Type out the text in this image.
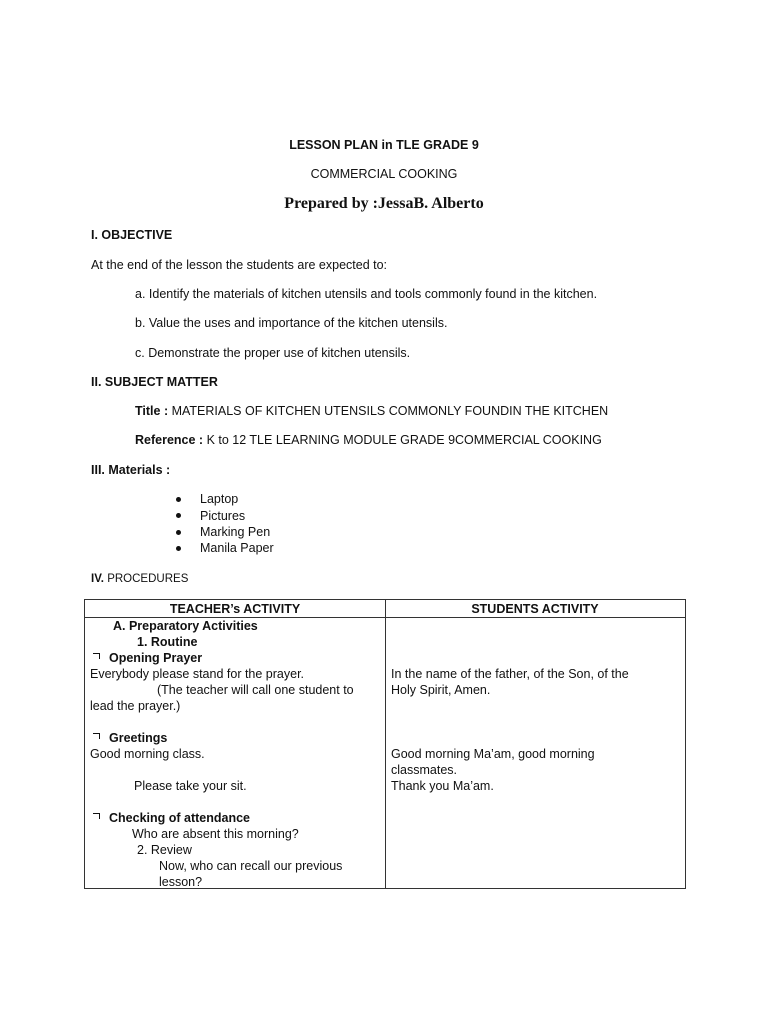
LESSON PLAN in TLE GRADE 9
COMMERCIAL COOKING
Prepared by :JessaB. Alberto
I. OBJECTIVE
At the end of the lesson the students are expected to:
a. Identify the materials of kitchen utensils and tools commonly found in the kitchen.
b. Value the uses and importance of the kitchen utensils.
c. Demonstrate the proper use of kitchen utensils.
II. SUBJECT MATTER
Title : MATERIALS OF KITCHEN UTENSILS COMMONLY FOUNDIN THE KITCHEN
Reference : K to 12 TLE LEARNING MODULE GRADE 9COMMERCIAL COOKING
III. Materials :
Laptop
Pictures
Marking Pen
Manila Paper
IV. PROCEDURES
TEACHER’s ACTIVITY	STUDENTS ACTIVITY
A. Preparatory Activities
1. Routine
Opening Prayer
Everybody please stand for the prayer.
(The teacher will call one student to
lead the prayer.)
Greetings
Good morning class.
Please take your sit.
Checking of attendance
Who are absent this morning?
2. Review
Now, who can recall our previous
lesson?
In the name of the father, of the Son, of the
Holy Spirit, Amen.
Good morning Ma’am, good morning
classmates.
Thank you Ma’am.
